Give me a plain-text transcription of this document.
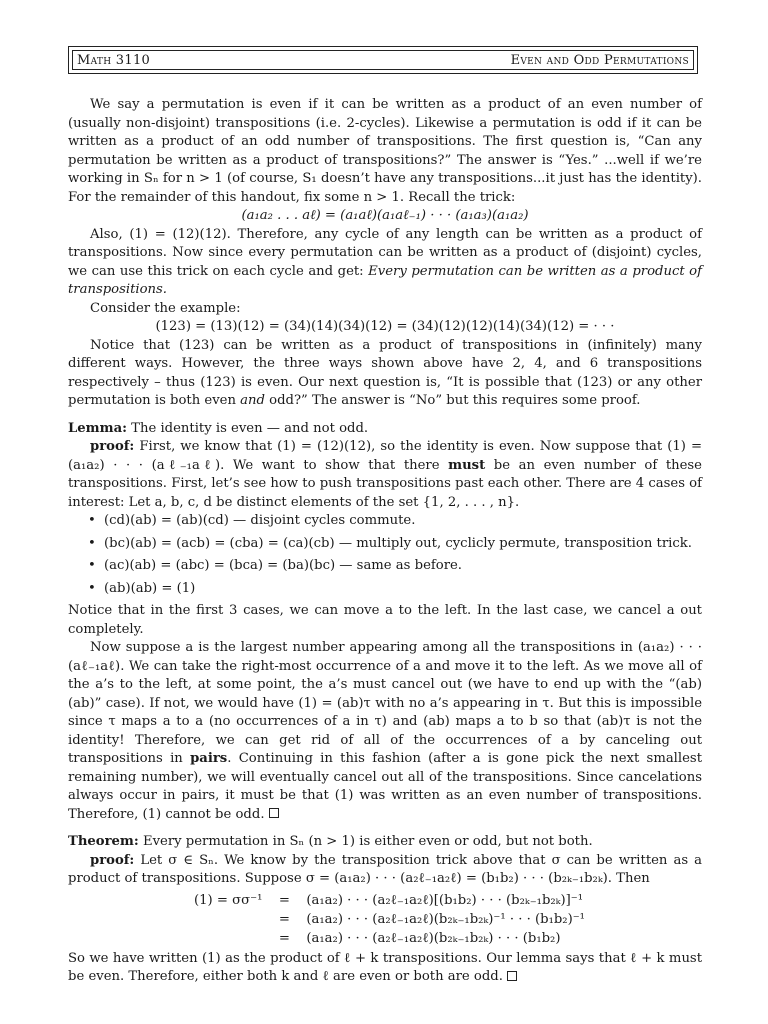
Math 3110	Even and Odd Permutations

We say a permutation is even if it can be written as a product of an even number of (usually non-disjoint) transpositions (i.e. 2-cycles). Likewise a permutation is odd if it can be written as a product of an odd number of transpositions. The first question is, “Can any permutation be written as a product of transpositions?” The answer is “Yes.” ...well if we’re working in Sₙ for n > 1 (of course, S₁ doesn’t have any transpositions...it just has the identity). For the remainder of this handout, fix some n > 1. Recall the trick:

(a₁a₂ . . . aℓ) = (a₁aℓ)(a₁aℓ₋₁) · · · (a₁a₃)(a₁a₂)

Also, (1) = (12)(12). Therefore, any cycle of any length can be written as a product of transpositions. Now since every permutation can be written as a product of (disjoint) cycles, we can use this trick on each cycle and get: Every permutation can be written as a product of transpositions.

Consider the example:

(123) = (13)(12) = (34)(14)(34)(12) = (34)(12)(12)(14)(34)(12) = · · ·

Notice that (123) can be written as a product of transpositions in (infinitely) many different ways. However, the three ways shown above have 2, 4, and 6 transpositions respectively – thus (123) is even. Our next question is, “It is possible that (123) or any other permutation is both even and odd?” The answer is “No” but this requires some proof.

Lemma: The identity is even — and not odd.

proof: First, we know that (1) = (12)(12), so the identity is even. Now suppose that (1) = (a₁a₂) · · · (aℓ₋₁aℓ). We want to show that there must be an even number of these transpositions. First, let’s see how to push transpositions past each other. There are 4 cases of interest: Let a, b, c, d be distinct elements of the set {1, 2, . . . , n}.

• (cd)(ab) = (ab)(cd) — disjoint cycles commute.
• (bc)(ab) = (acb) = (cba) = (ca)(cb) — multiply out, cyclicly permute, transposition trick.
• (ac)(ab) = (abc) = (bca) = (ba)(bc) — same as before.
• (ab)(ab) = (1)

Notice that in the first 3 cases, we can move a to the left. In the last case, we cancel a out completely.

Now suppose a is the largest number appearing among all the transpositions in (a₁a₂) · · · (aℓ₋₁aℓ). We can take the right-most occurrence of a and move it to the left. As we move all of the a’s to the left, at some point, the a’s must cancel out (we have to end up with the “(ab)(ab)” case). If not, we would have (1) = (ab)τ with no a’s appearing in τ. But this is impossible since τ maps a to a (no occurrences of a in τ) and (ab) maps a to b so that (ab)τ is not the identity! Therefore, we can get rid of all of the occurrences of a by canceling out transpositions in pairs. Continuing in this fashion (after a is gone pick the next smallest remaining number), we will eventually cancel out all of the transpositions. Since cancelations always occur in pairs, it must be that (1) was written as an even number of transpositions. Therefore, (1) cannot be odd.

Theorem: Every permutation in Sₙ (n > 1) is either even or odd, but not both.

proof: Let σ ∈ Sₙ. We know by the transposition trick above that σ can be written as a product of transpositions. Suppose σ = (a₁a₂) · · · (a₂ℓ₋₁a₂ℓ) = (b₁b₂) · · · (b₂ₖ₋₁b₂ₖ). Then

(1) = σσ⁻¹	=	(a₁a₂) · · · (a₂ℓ₋₁a₂ℓ)[(b₁b₂) · · · (b₂ₖ₋₁b₂ₖ)]⁻¹
	=	(a₁a₂) · · · (a₂ℓ₋₁a₂ℓ)(b₂ₖ₋₁b₂ₖ)⁻¹ · · · (b₁b₂)⁻¹
	=	(a₁a₂) · · · (a₂ℓ₋₁a₂ℓ)(b₂ₖ₋₁b₂ₖ) · · · (b₁b₂)

So we have written (1) as the product of ℓ + k transpositions. Our lemma says that ℓ + k must be even. Therefore, either both k and ℓ are even or both are odd.
